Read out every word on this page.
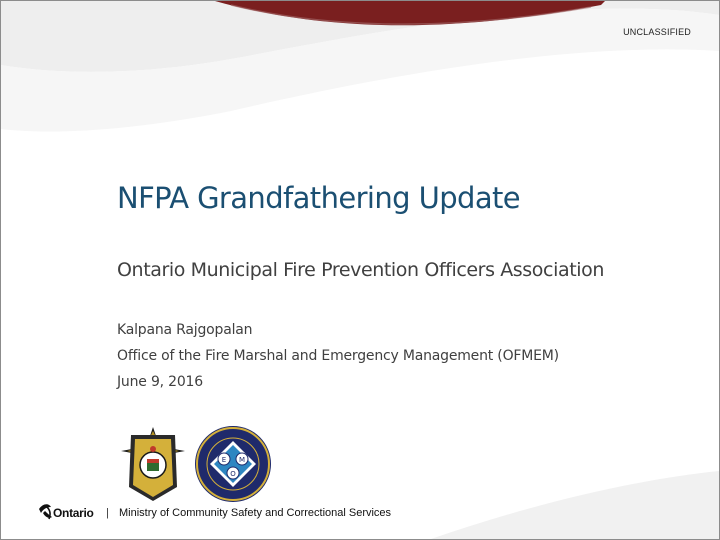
UNCLASSIFIED
NFPA Grandfathering Update
Ontario Municipal Fire Prevention Officers Association
Kalpana Rajgopalan
Office of the Fire Marshal and Emergency Management (OFMEM)
June 9, 2016
E M
O
Ontario | Ministry of Community Safety and Correctional Services
